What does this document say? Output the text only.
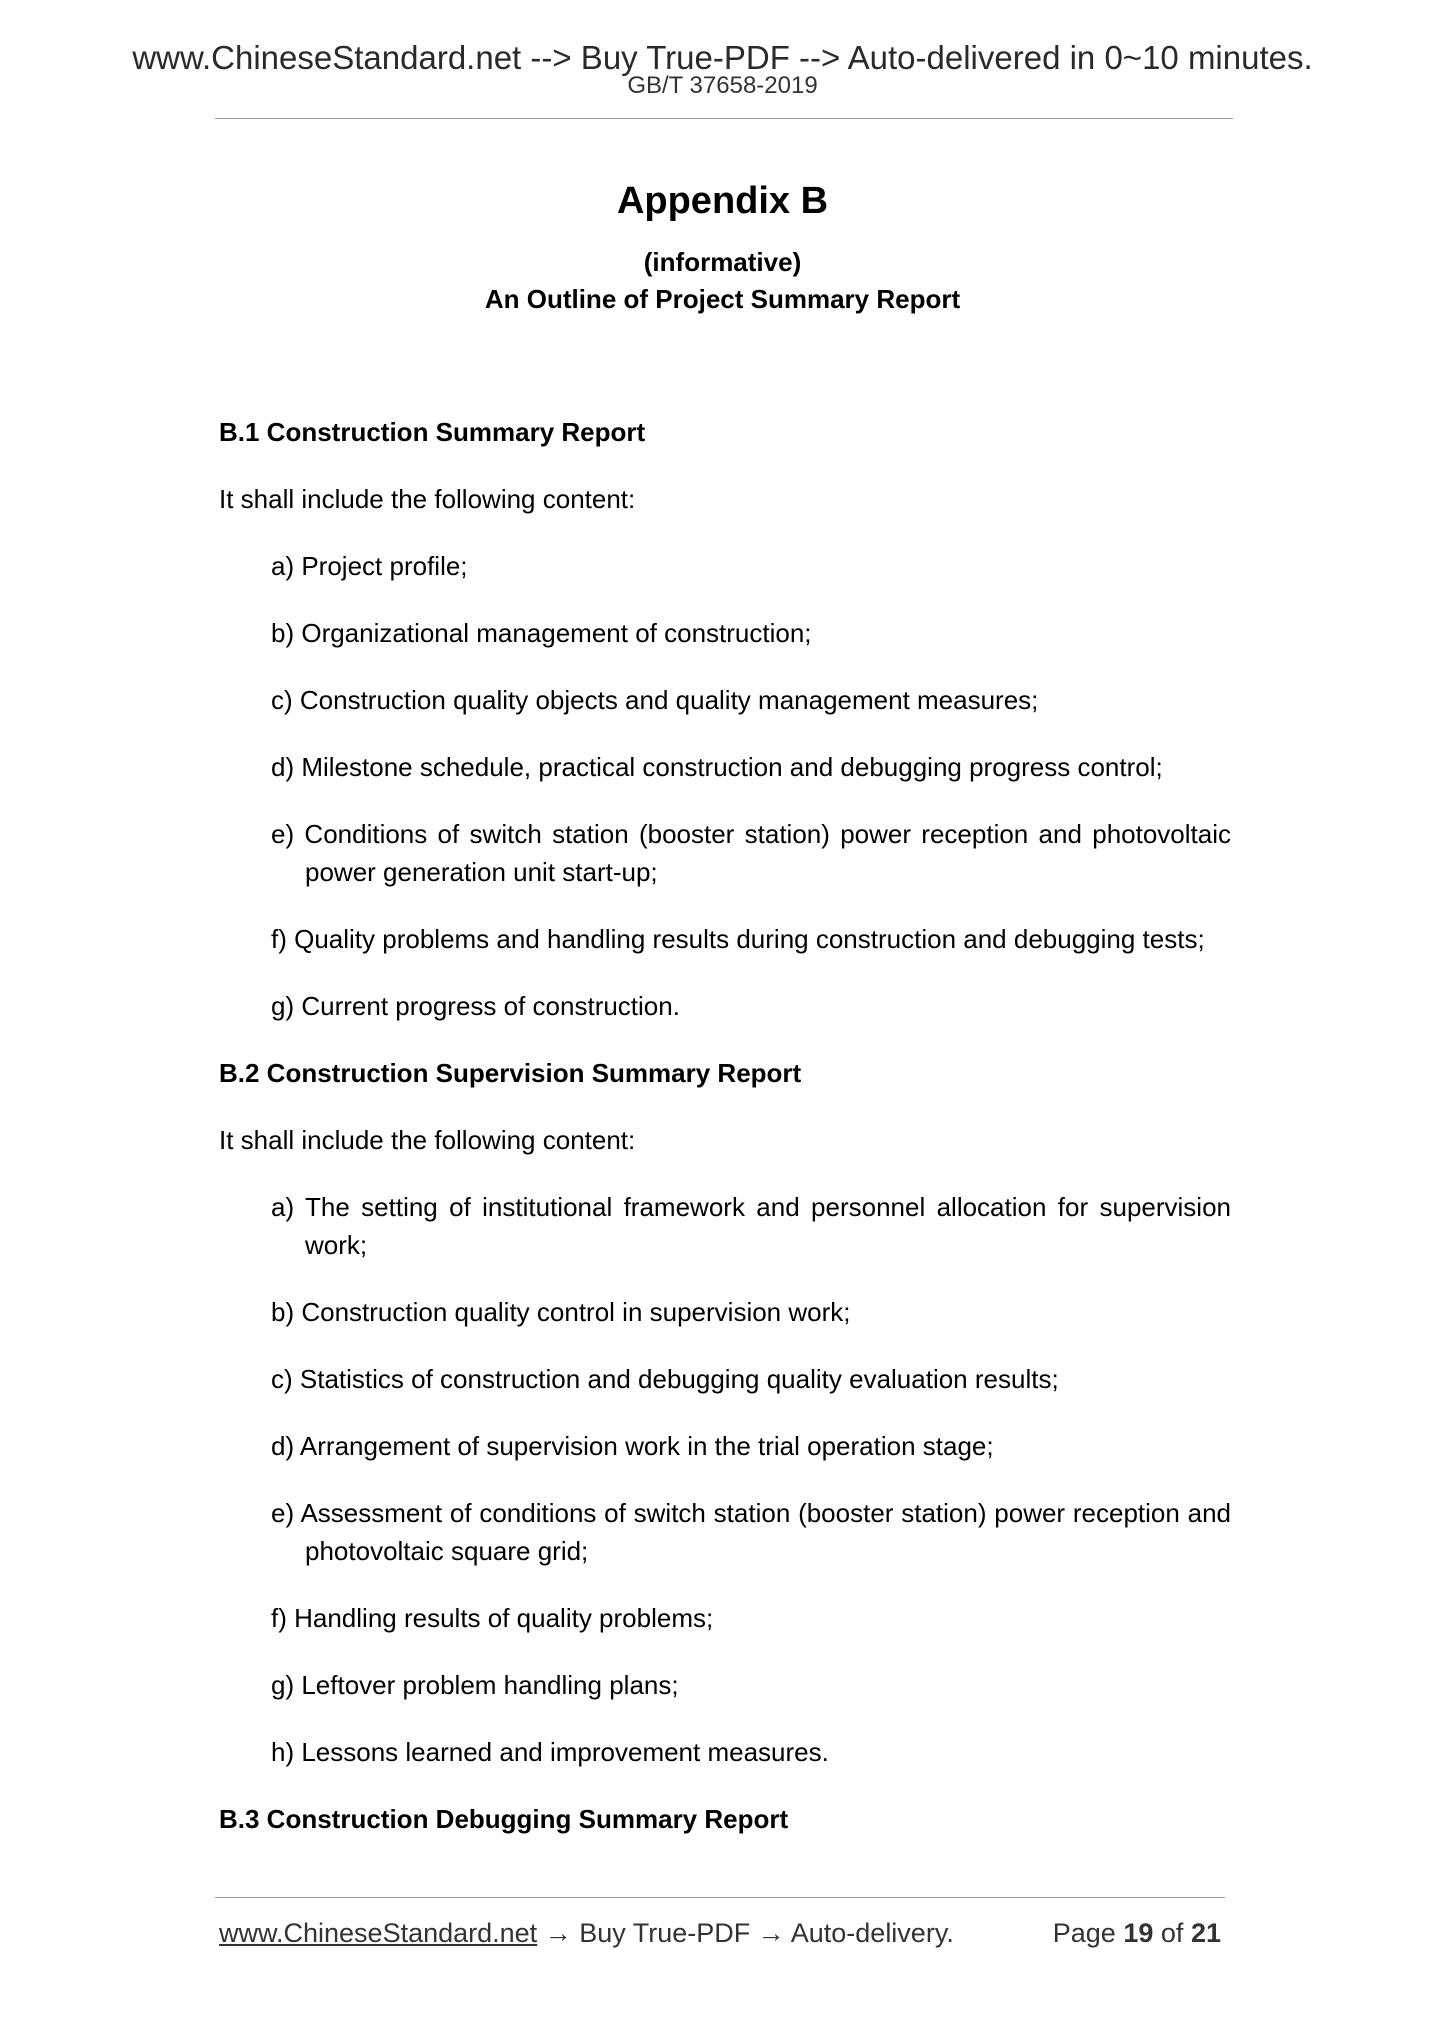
www.ChineseStandard.net --> Buy True-PDF --> Auto-delivered in 0~10 minutes.
GB/T 37658-2019
Appendix B
(informative)
An Outline of Project Summary Report
B.1 Construction Summary Report
It shall include the following content:
a) Project profile;
b) Organizational management of construction;
c) Construction quality objects and quality management measures;
d) Milestone schedule, practical construction and debugging progress control;
e) Conditions of switch station (booster station) power reception and photovoltaic power generation unit start-up;
f) Quality problems and handling results during construction and debugging tests;
g) Current progress of construction.
B.2 Construction Supervision Summary Report
It shall include the following content:
a) The setting of institutional framework and personnel allocation for supervision work;
b) Construction quality control in supervision work;
c) Statistics of construction and debugging quality evaluation results;
d) Arrangement of supervision work in the trial operation stage;
e) Assessment of conditions of switch station (booster station) power reception and photovoltaic square grid;
f) Handling results of quality problems;
g) Leftover problem handling plans;
h) Lessons learned and improvement measures.
B.3 Construction Debugging Summary Report
www.ChineseStandard.net → Buy True-PDF → Auto-delivery.	Page 19 of 21
